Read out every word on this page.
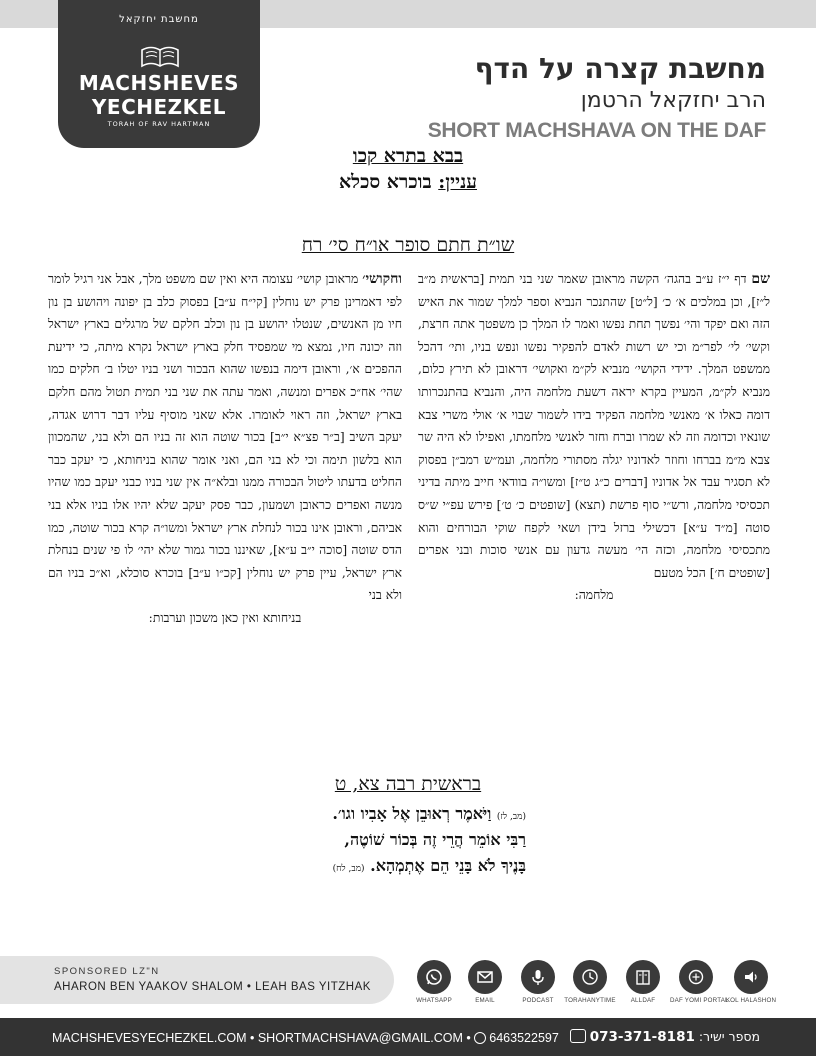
מחשבת יחזקאל
MACHSHEVES
YECHEZKEL
TORAH OF RAV HARTMAN
מחשבת קצרה על הדף
הרב יחזקאל הרטמן
SHORT MACHSHAVA ON THE DAF
בבא בתרא קכו
עניין: בוכרא סכלא
שו״ת חתם סופר או״ח סי׳ רח
שם דף י״ז ע״ב בהגה׳ הקשה מראובן שאמר שני בני תמית [בראשית מ״ב ל״ז], וכן במלכים א׳ כ׳ [ל״ט] שהתנכר הנביא וספר למלך שמור את האיש הזה ואם יפקד והי׳ נפשך תחת נפשו ואמר לו המלך כן משפטך אתה חרצת, וקשי׳ לי׳ לפר״מ וכי יש רשות לאדם להפקיר נפשו ונפש בניו, ותי׳ דהכל ממשפט המלך. ידידי הקושי׳ מנביא לק״מ ואקושי׳ דראובן לא תירץ כלום, מנביא לק״מ, המעיין בקרא יראה דשעת מלחמה היה, והנביא בהתנכרותו דומה כאלו א׳ מאנשי מלחמה הפקיד בידו לשמור שבוי א׳ אולי משרי צבא שונאיו וכדומה וזה לא שמרו וברח וחזר לאנשי מלחמתו, ואפילו לא היה שר צבא מ״מ בברחו וחוזר לאדוניו יגלה מסתורי מלחמה, ועמ״ש רמב״ן בפסוק לא תסגיר עבד אל אדוניו [דברים כ״ג ט״ז] ומשו״ה בוודאי חייב מיתה בדיני תכסיסי מלחמה, ורש״י סוף פרשת (תצא) [שופטים כ׳ ט׳] פירש עפ״י ש״ס סוטה [מ״ד ע״א] דכשילי ברזל בידן ושאי לקפח שוקי הבורחים והוא מתכסיסי מלחמה, וכזה הי׳ מעשה גדעון עם אנשי סוכות ובני אפרים [שופטים ח׳] הכל מטעם
מלחמה:
וחקושי׳ מראובן קושי׳ עצומה היא ואין שם משפט מלך, אבל אני רגיל לומר לפי דאמרינן פרק יש נוחלין [קי״ח ע״ב] בפסוק כלב בן יפונה ויהושע בן נון חיו מן האנשים, שנטלו יהושע בן נון וכלב חלקם של מרגלים בארץ ישראל וזה יכונה חיו, נמצא מי שמפסיד חלק בארץ ישראל נקרא מיתה, כי ידיעת ההפכים א׳, וראובן דימה בנפשו שהוא הבכור ושני בניו יטלו ב׳ חלקים כמו שהי׳ אח״כ אפרים ומנשה, ואמר עתה את שני בני תמית תטול מהם חלקם בארץ ישראל, וזה ראוי לאומרו. אלא שאני מוסיף עליו דבר דרוש אגדה, יעקב השיב [ב״ר פצ״א י״ב] בכור שוטה הוא זה בניו הם ולא בני, שהמכוון הוא בלשון תימה וכי לא בני הם, ואני אומר שהוא בניחותא, כי יעקב כבר החליט בדעתו ליטול הבכורה ממנו ובלא״ה אין שני בניו כבני יעקב כמו שהיו מנשה ואפרים כראובן ושמעון, כבר פסק יעקב שלא יהיו אלו בניו אלא בני אביהם, וראובן אינו בכור לנחלת ארץ ישראל ומשו״ה קרא בכור שוטה, כמו הדס שוטה [סוכה י״ב ע״א], שאיננו בכור גמור שלא יהי׳ לו פי שנים בנחלת ארץ ישראל, עיין פרק יש נוחלין [קכ״ו ע״ב] בוכרא סוכלא, וא״כ בניו הם ולא בני
בניחותא ואין כאן משכון וערבות:
בראשית רבה צא, ט
(מב, לז) וַיֹּאמֶר רְאוּבֵן אֶל אָבִיו וגו׳.
רַבִּי אוֹמֵר הֲרֵי זֶה בְּכוֹר שׁוֹטֶה,
בָּנֶיךָ לֹא בָּנֵי הֵם אֶתְמְהָא. (מב, לח)
SPONSORED LZ"N
AHARON BEN YAAKOV SHALOM • LEAH BAS YITZHAK
WHATSAPP	EMAIL	PODCAST	TORAHANYTIME	ALLDAF	DAF YOMI PORTAL
KOL HALASHON
MACHSHEVESYECHEZKEL.COM • SHORTMACHSHAVA@GMAIL.COM • 6463522597	מספר ישיר: 073-371-8181
